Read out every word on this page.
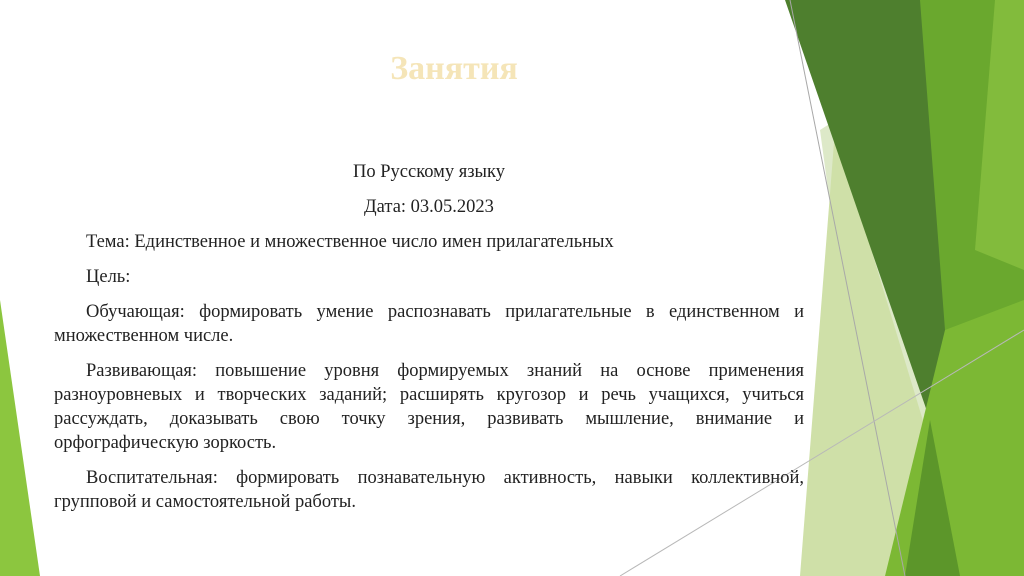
Занятия

По Русскому языку

Дата: 03.05.2023

Тема: Единственное и множественное число имен прилагательных

Цель:

Обучающая: формировать умение распознавать прилагательные в единственном и множественном числе.

Развивающая: повышение уровня формируемых знаний на основе применения разноуровневых и творческих заданий; расширять кругозор и речь учащихся, учиться рассуждать, доказывать свою точку зрения, развивать мышление, внимание и орфографическую зоркость.

Воспитательная: формировать познавательную активность, навыки коллективной, групповой и самостоятельной работы.
